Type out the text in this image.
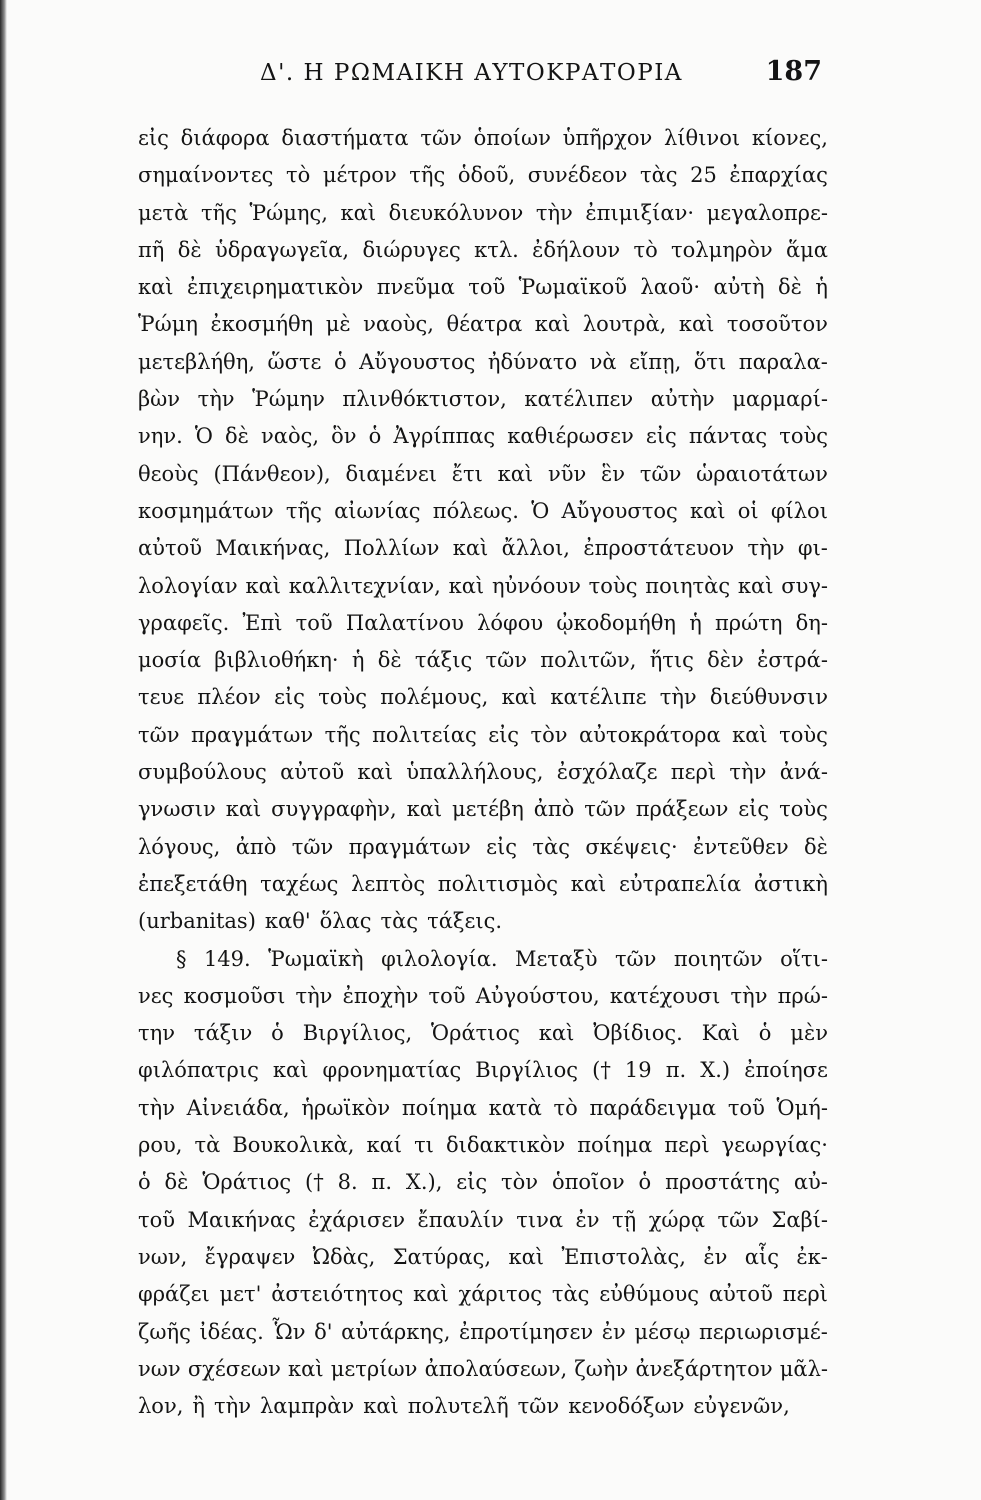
Δ'. Η ΡΩΜΑΙΚΗ ΑΥΤΟΚΡΑΤΟΡΙΑ	187
εἰς διάφορα διαστήματα τῶν ὁποίων ὑπῆρχον λίθινοι κίονες,
σημαίνοντες τὸ μέτρον τῆς ὁδοῦ, συνέδεον τὰς 25 ἐπαρχίας
μετὰ τῆς Ῥώμης, καὶ διευκόλυνον τὴν ἐπιμιξίαν· μεγαλοπρε-
πῆ δὲ ὑδραγωγεῖα, διώρυγες κτλ. ἐδήλουν τὸ τολμηρὸν ἅμα
καὶ ἐπιχειρηματικὸν πνεῦμα τοῦ Ῥωμαϊκοῦ λαοῦ· αὐτὴ δὲ ἡ
Ῥώμη ἐκοσμήθη μὲ ναοὺς, θέατρα καὶ λουτρὰ, καὶ τοσοῦτον
μετεβλήθη, ὥστε ὁ Αὔγουστος ἠδύνατο νὰ εἴπῃ, ὅτι παραλα-
βὼν τὴν Ῥώμην πλινθόκτιστον, κατέλιπεν αὐτὴν μαρμαρί-
νην. Ὁ δὲ ναὸς, ὃν ὁ Ἀγρίππας καθιέρωσεν εἰς πάντας τοὺς
θεοὺς (Πάνθεον), διαμένει ἔτι καὶ νῦν ἓν τῶν ὡραιοτάτων
κοσμημάτων τῆς αἰωνίας πόλεως. Ὁ Αὔγουστος καὶ οἱ φίλοι
αὐτοῦ Μαικήνας, Πολλίων καὶ ἄλλοι, ἐπροστάτευον τὴν φι-
λολογίαν καὶ καλλιτεχνίαν, καὶ ηὐνόουν τοὺς ποιητὰς καὶ συγ-
γραφεῖς. Ἐπὶ τοῦ Παλατίνου λόφου ᾠκοδομήθη ἡ πρώτη δη-
μοσία βιβλιοθήκη· ἡ δὲ τάξις τῶν πολιτῶν, ἥτις δὲν ἐστρά-
τευε πλέον εἰς τοὺς πολέμους, καὶ κατέλιπε τὴν διεύθυνσιν
τῶν πραγμάτων τῆς πολιτείας εἰς τὸν αὐτοκράτορα καὶ τοὺς
συμβούλους αὐτοῦ καὶ ὑπαλλήλους, ἐσχόλαζε περὶ τὴν ἀνά-
γνωσιν καὶ συγγραφὴν, καὶ μετέβη ἀπὸ τῶν πράξεων εἰς τοὺς
λόγους, ἀπὸ τῶν πραγμάτων εἰς τὰς σκέψεις· ἐντεῦθεν δὲ
ἐπεξετάθη ταχέως λεπτὸς πολιτισμὸς καὶ εὐτραπελία ἀστικὴ
(urbanitas) καθ' ὅλας τὰς τάξεις.
§ 149. Ῥωμαϊκὴ φιλολογία. Μεταξὺ τῶν ποιητῶν οἵτι-
νες κοσμοῦσι τὴν ἐποχὴν τοῦ Αὐγούστου, κατέχουσι τὴν πρώ-
την τάξιν ὁ Βιργίλιος, Ὁράτιος καὶ Ὀβίδιος. Καὶ ὁ μὲν
φιλόπατρις καὶ φρονηματίας Βιργίλιος († 19 π. Χ.) ἐποίησε
τὴν Αἰνειάδα, ἡρωϊκὸν ποίημα κατὰ τὸ παράδειγμα τοῦ Ὁμή-
ρου, τὰ Βουκολικὰ, καί τι διδακτικὸν ποίημα περὶ γεωργίας·
ὁ δὲ Ὁράτιος († 8. π. Χ.), εἰς τὸν ὁποῖον ὁ προστάτης αὐ-
τοῦ Μαικήνας ἐχάρισεν ἔπαυλίν τινα ἐν τῇ χώρᾳ τῶν Σαβί-
νων, ἔγραψεν Ὠδὰς, Σατύρας, καὶ Ἐπιστολὰς, ἐν αἷς ἐκ-
φράζει μετ' ἀστειότητος καὶ χάριτος τὰς εὐθύμους αὐτοῦ περὶ
ζωῆς ἰδέας. Ὧν δ' αὐτάρκης, ἐπροτίμησεν ἐν μέσῳ περιωρισμέ-
νων σχέσεων καὶ μετρίων ἀπολαύσεων, ζωὴν ἀνεξάρτητον μᾶλ-
λον, ἢ τὴν λαμπρὰν καὶ πολυτελῆ τῶν κενοδόξων εὐγενῶν,
